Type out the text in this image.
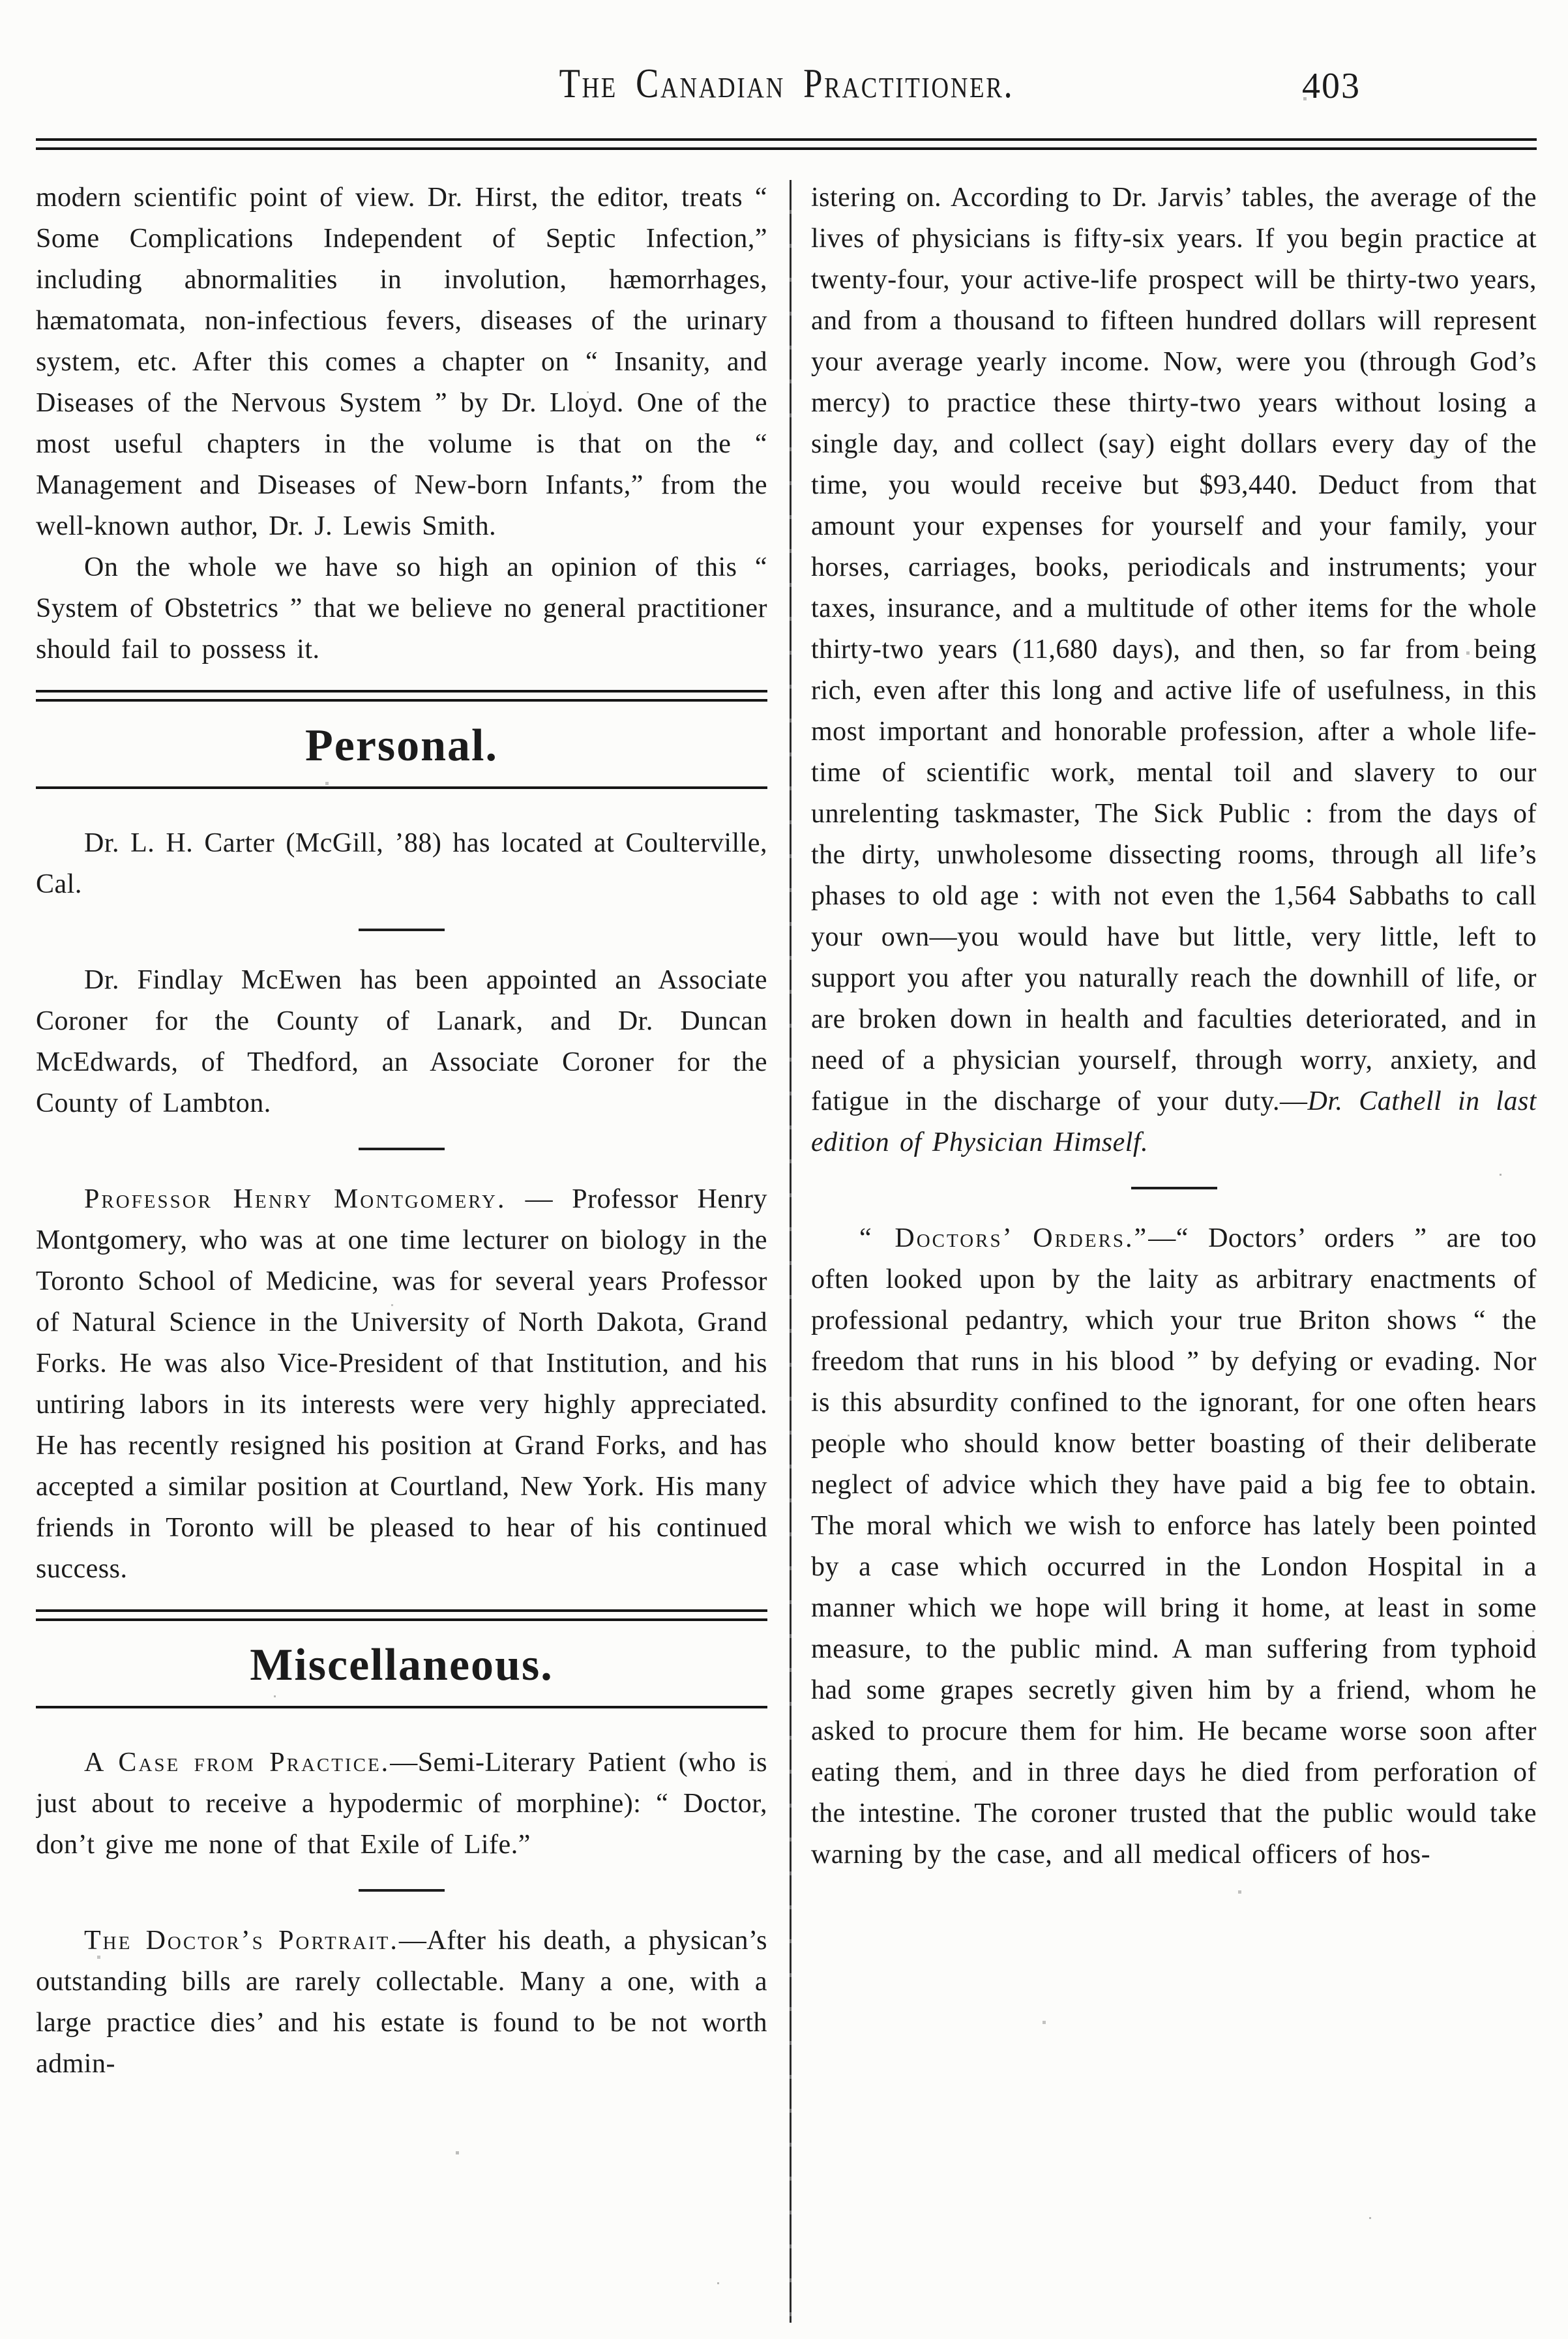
The Canadian Practitioner.	403

modern scientific point of view. Dr. Hirst, the editor, treats “ Some Complications Independent of Septic Infection,” including abnormalities in involution, hæmorrhages, hæmatomata, non-infectious fevers, diseases of the urinary system, etc. After this comes a chapter on “ Insanity, and Diseases of the Nervous System ” by Dr. Lloyd. One of the most useful chapters in the volume is that on the “ Management and Diseases of New-born Infants,” from the well-known author, Dr. J. Lewis Smith.

On the whole we have so high an opinion of this “ System of Obstetrics ” that we believe no general practitioner should fail to possess it.

Personal.

Dr. L. H. Carter (McGill, ’88) has located at Coulterville, Cal.

Dr. Findlay McEwen has been appointed an Associate Coroner for the County of Lanark, and Dr. Duncan McEdwards, of Thedford, an Associate Coroner for the County of Lambton.

Professor Henry Montgomery. — Professor Henry Montgomery, who was at one time lecturer on biology in the Toronto School of Medicine, was for several years Professor of Natural Science in the University of North Dakota, Grand Forks. He was also Vice-President of that Institution, and his untiring labors in its interests were very highly appreciated. He has recently resigned his position at Grand Forks, and has accepted a similar position at Courtland, New York. His many friends in Toronto will be pleased to hear of his continued success.

Miscellaneous.

A Case from Practice.—Semi-Literary Patient (who is just about to receive a hypodermic of morphine): “ Doctor, don’t give me none of that Exile of Life.”

The Doctor’s Portrait.—After his death, a physican’s outstanding bills are rarely collectable. Many a one, with a large practice dies’ and his estate is found to be not worth admin-

istering on. According to Dr. Jarvis’ tables, the average of the lives of physicians is fifty-six years. If you begin practice at twenty-four, your active-life prospect will be thirty-two years, and from a thousand to fifteen hundred dollars will represent your average yearly income. Now, were you (through God’s mercy) to practice these thirty-two years without losing a single day, and collect (say) eight dollars every day of the time, you would receive but $93,440. Deduct from that amount your expenses for yourself and your family, your horses, carriages, books, periodicals and instruments; your taxes, insurance, and a multitude of other items for the whole thirty-two years (11,680 days), and then, so far from being rich, even after this long and active life of usefulness, in this most important and honorable profession, after a whole life-time of scientific work, mental toil and slavery to our unrelenting taskmaster, The Sick Public : from the days of the dirty, unwholesome dissecting rooms, through all life’s phases to old age : with not even the 1,564 Sabbaths to call your own—you would have but little, very little, left to support you after you naturally reach the downhill of life, or are broken down in health and faculties deteriorated, and in need of a physician yourself, through worry, anxiety, and fatigue in the discharge of your duty.—Dr. Cathell in last edition of Physician Himself.

“ Doctors’ Orders.”—“ Doctors’ orders ” are too often looked upon by the laity as arbitrary enactments of professional pedantry, which your true Briton shows “ the freedom that runs in his blood ” by defying or evading. Nor is this absurdity confined to the ignorant, for one often hears people who should know better boasting of their deliberate neglect of advice which they have paid a big fee to obtain. The moral which we wish to enforce has lately been pointed by a case which occurred in the London Hospital in a manner which we hope will bring it home, at least in some measure, to the public mind. A man suffering from typhoid had some grapes secretly given him by a friend, whom he asked to procure them for him. He became worse soon after eating them, and in three days he died from perforation of the intestine. The coroner trusted that the public would take warning by the case, and all medical officers of hos-
